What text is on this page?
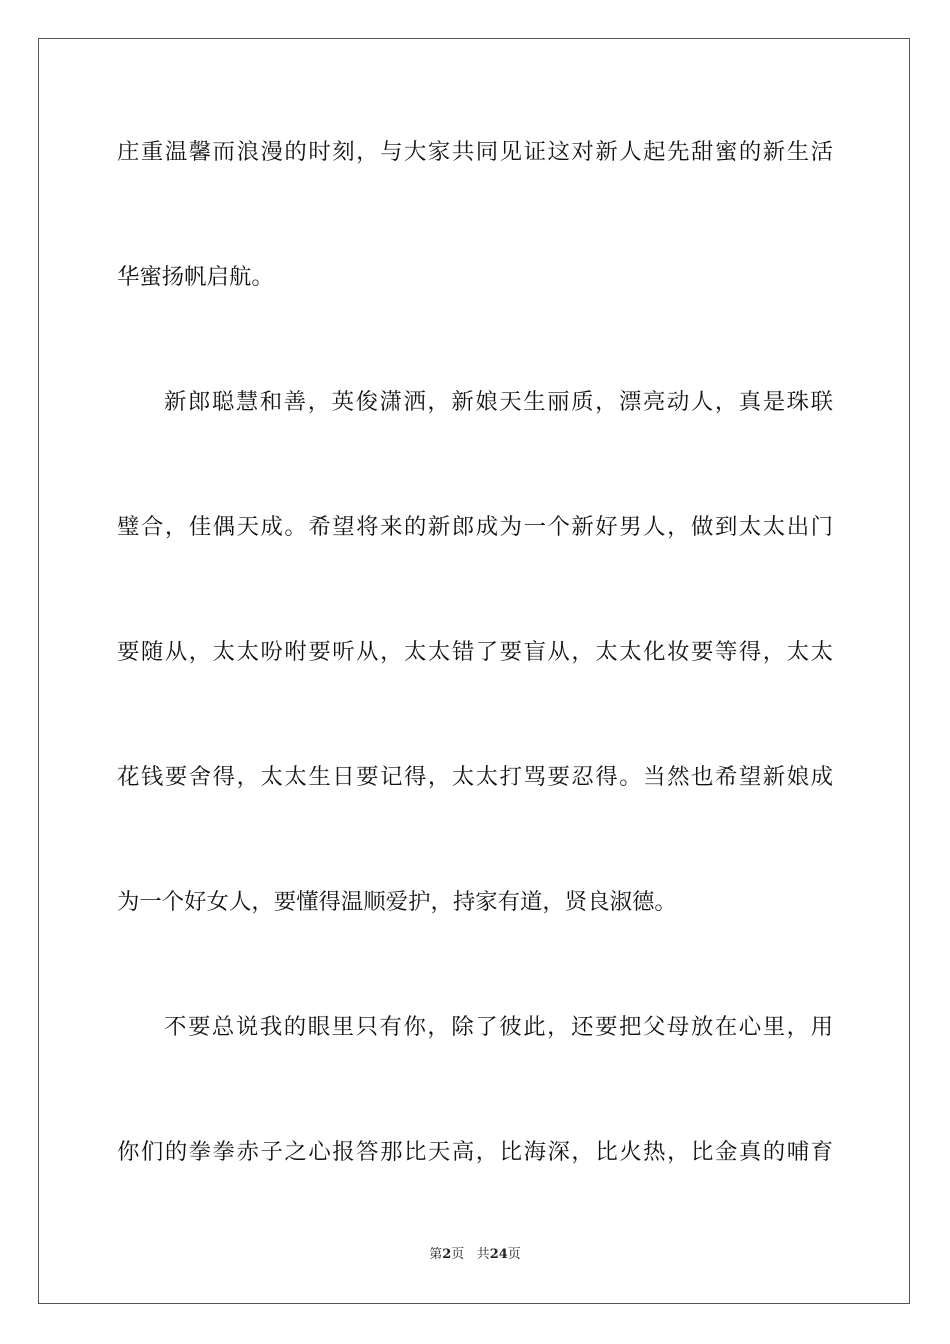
庄重温馨而浪漫的时刻，与大家共同见证这对新人起先甜蜜的新生活
华蜜扬帆启航。
新郎聪慧和善，英俊潇洒，新娘天生丽质，漂亮动人，真是珠联
璧合，佳偶天成。希望将来的新郎成为一个新好男人，做到太太出门
要随从，太太吩咐要听从，太太错了要盲从，太太化妆要等得，太太
花钱要舍得，太太生日要记得，太太打骂要忍得。当然也希望新娘成
为一个好女人，要懂得温顺爱护，持家有道，贤良淑德。
不要总说我的眼里只有你，除了彼此，还要把父母放在心里，用
你们的拳拳赤子之心报答那比天高，比海深，比火热，比金真的哺育
第2页 共24页
